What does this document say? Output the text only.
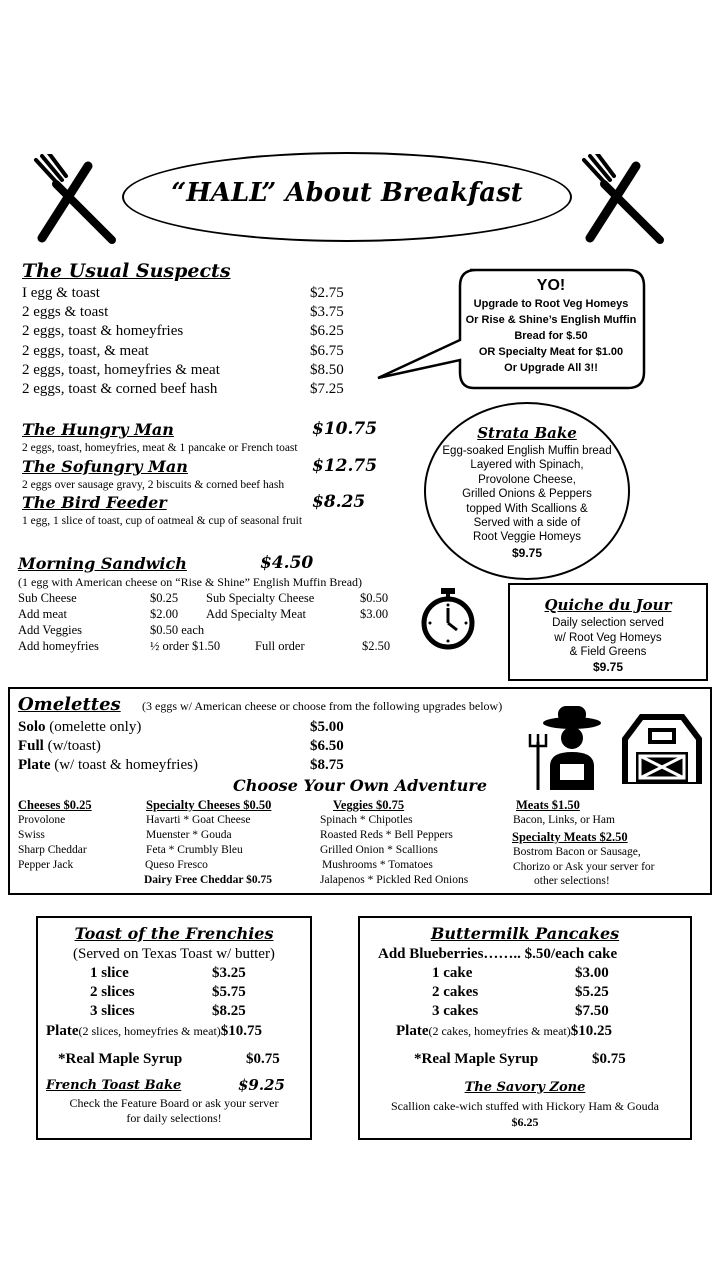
“HALL” About Breakfast
The Usual Suspects
I egg & toast	$2.75
2 eggs & toast	$3.75
2 eggs, toast & homeyfries	$6.25
2 eggs, toast, & meat	$6.75
2 eggs, toast, homeyfries & meat	$8.50
2 eggs, toast & corned beef hash	$7.25
YO!
Upgrade to Root Veg Homeys
Or Rise & Shine’s English Muffin
Bread for $.50
OR Specialty Meat for $1.00
Or Upgrade All 3!!
The Hungry Man	$10.75
2 eggs, toast, homeyfries, meat & 1 pancake or French toast
The Sofungry Man	$12.75
2 eggs over sausage gravy, 2 biscuits & corned beef hash
The Bird Feeder	$8.25
1 egg, 1 slice of toast, cup of oatmeal & cup of seasonal fruit
Strata Bake
Egg-soaked English Muffin bread
Layered with Spinach,
Provolone Cheese,
Grilled Onions & Peppers
topped With Scallions &
Served with a side of
Root Veggie Homeys
$9.75
Morning Sandwich	$4.50
(1 egg with American cheese on “Rise & Shine” English Muffin Bread)
Sub Cheese	$0.25 Sub Specialty Cheese	$0.50
Add meat	$2.00 Add Specialty Meat	$3.00
Add Veggies	$0.50 each
Add homeyfries	½ order $1.50	Full order	$2.50
Quiche du Jour
Daily selection served
w/ Root Veg Homeys
& Field Greens
$9.75
Omelettes (3 eggs w/ American cheese or choose from the following upgrades below)
Solo (omelette only)	$5.00
Full (w/toast)	$6.50
Plate (w/ toast & homeyfries)	$8.75
Choose Your Own Adventure
Cheeses $0.25
Provolone
Swiss
Sharp Cheddar
Pepper Jack
Specialty Cheeses $0.50
Havarti * Goat Cheese
Muenster * Gouda
Feta * Crumbly Bleu
Queso Fresco
Dairy Free Cheddar $0.75
Veggies $0.75
Spinach * Chipotles
Roasted Reds * Bell Peppers
Grilled Onion * Scallions
Mushrooms * Tomatoes
Jalapenos * Pickled Red Onions
Meats $1.50
Bacon, Links, or Ham
Specialty Meats $2.50
Bostrom Bacon or Sausage,
Chorizo or Ask your server for
other selections!
Toast of the Frenchies
(Served on Texas Toast w/ butter)
1 slice	$3.25
2 slices	$5.75
3 slices	$8.25
Plate(2 slices, homeyfries & meat)$10.75
*Real Maple Syrup	$0.75
French Toast Bake	$9.25
Check the Feature Board or ask your server
for daily selections!
Buttermilk Pancakes
Add Blueberries…….. $.50/each cake
1 cake	$3.00
2 cakes	$5.25
3 cakes	$7.50
Plate(2 cakes, homeyfries & meat)$10.25
*Real Maple Syrup	$0.75
The Savory Zone
Scallion cake-wich stuffed with Hickory Ham & Gouda
$6.25
